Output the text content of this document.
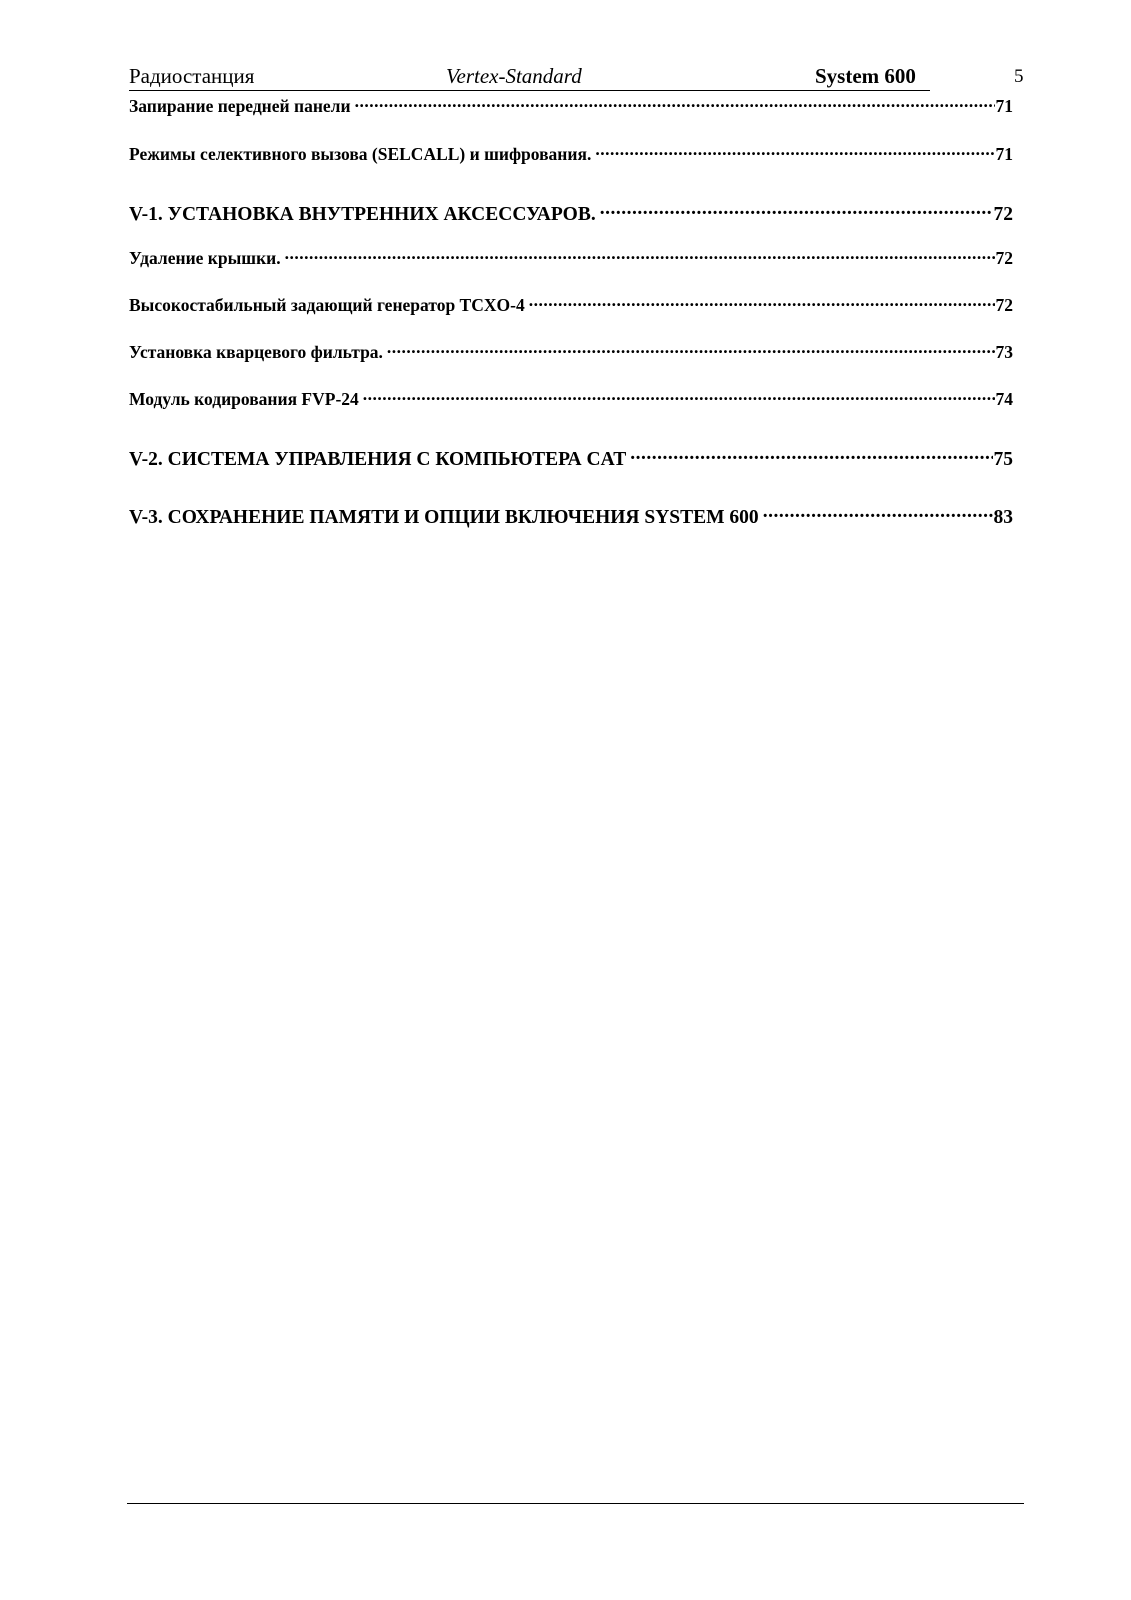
Радиостанция	Vertex-Standard	System 600	5
Запирание передней панели .....	71
Режимы селективного вызова (SELCALL) и шифрования. .....	71
V-1. УСТАНОВКА ВНУТРЕННИХ АКСЕССУАРОВ. .....	72
Удаление крышки. .....	72
Высокостабильный задающий генератор TCXO-4 .....	72
Установка кварцевого фильтра. .....	73
Модуль кодирования FVP-24 .....	74
V-2. СИСТЕМА УПРАВЛЕНИЯ С КОМПЬЮТЕРА CAT .....	75
V-3. СОХРАНЕНИЕ ПАМЯТИ И ОПЦИИ ВКЛЮЧЕНИЯ SYSTEM 600 .....	83
